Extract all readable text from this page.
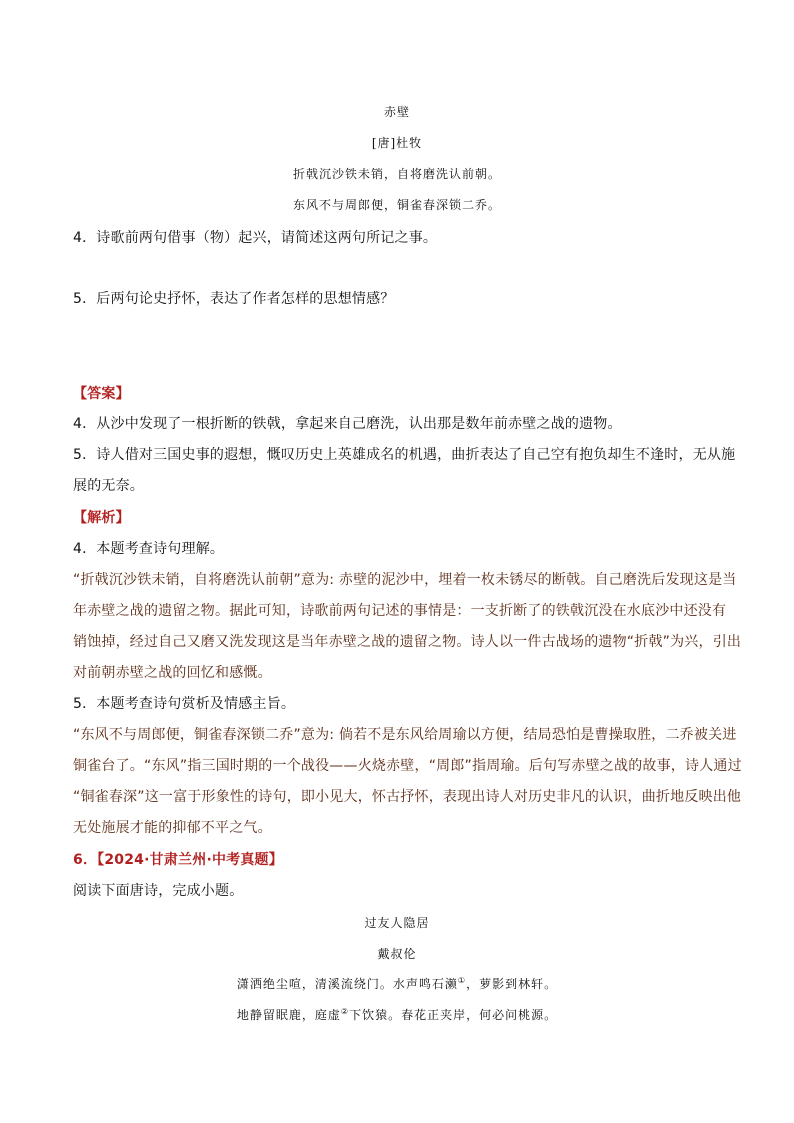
赤壁
[唐]杜牧
折戟沉沙铁未销，自将磨洗认前朝。
东风不与周郎便，铜雀春深锁二乔。
4．诗歌前两句借事（物）起兴，请简述这两句所记之事。
5．后两句论史抒怀，表达了作者怎样的思想情感？
【答案】
4．从沙中发现了一根折断的铁戟，拿起来自己磨洗，认出那是数年前赤壁之战的遗物。
5．诗人借对三国史事的遐想，慨叹历史上英雄成名的机遇，曲折表达了自己空有抱负却生不逢时，无从施
展的无奈。
【解析】
4．本题考查诗句理解。
“折戟沉沙铁未销，自将磨洗认前朝”意为: 赤壁的泥沙中，埋着一枚未锈尽的断戟。自己磨洗后发现这是当
年赤壁之战的遗留之物。据此可知，诗歌前两句记述的事情是：一支折断了的铁戟沉没在水底沙中还没有
销蚀掉，经过自己又磨又洗发现这是当年赤壁之战的遗留之物。诗人以一件古战场的遗物“折戟”为兴，引出
对前朝赤壁之战的回忆和感慨。
5．本题考查诗句赏析及情感主旨。
“东风不与周郎便，铜雀春深锁二乔”意为: 倘若不是东风给周瑜以方便，结局恐怕是曹操取胜，二乔被关进
铜雀台了。“东风”指三国时期的一个战役——火烧赤壁，“周郎”指周瑜。后句写赤壁之战的故事，诗人通过
“铜雀春深”这一富于形象性的诗句，即小见大，怀古抒怀，表现出诗人对历史非凡的认识，曲折地反映出他
无处施展才能的抑郁不平之气。
6．【2024·甘肃兰州·中考真题】
阅读下面唐诗，完成小题。
过友人隐居
戴叔伦
潇洒绝尘喧，清溪流绕门。水声鸣石濑①，萝影到林轩。
地静留眠鹿，庭虚②下饮猿。春花正夹岸，何必问桃源。
